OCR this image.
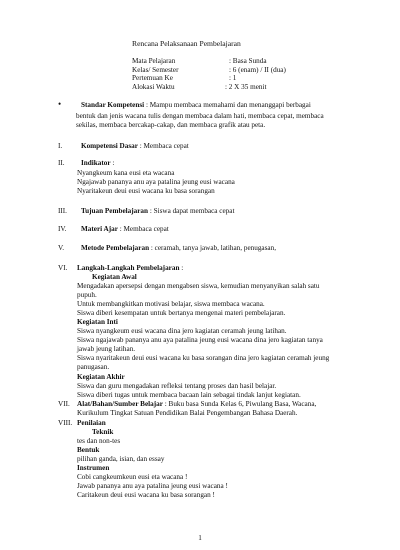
Rencana Pelaksanaan Pembelajaran
Mata Pelajaran	: Basa Sunda
Kelas/ Semester	: 6 (enam) / II (dua)
Pertemuan Ke	: 1
Alokasi Waktu	: 2 X 35 menit
•	Standar Kompetensi : Mampu membaca memahami dan menanggapi berbagai
bentuk dan jenis wacana tulis dengan membaca dalam hati, membaca cepat, membaca
sekilas, membaca bercakap-cakap, dan membaca grafik atau peta.
I.	Kompetensi Dasar : Membaca cepat
II. Indikator :
Nyangkeum kana eusi eta wacana
Ngajawab pananya anu aya patalina jeung eusi wacana
Nyaritakeun deui eusi wacana ku basa sorangan
III. Tujuan Pembelajaran : Siswa dapat membaca cepat
IV. Materi Ajar : Membaca cepat
V. Metode Pembelajaran : ceramah, tanya jawab, latihan, penugasan,
VI. Langkah-Langkah Pembelajaran :
Kegiatan Awal
Mengadakan apersepsi dengan mengabsen siswa, kemudian menyanyikan salah satu
pupuh.
Untuk membangkitkan motivasi belajar, siswa membaca wacana.
Siswa diberi kesempatan untuk bertanya mengenai materi pembelajaran.
Kegiatan Inti
Siswa nyangkeum eusi wacana dina jero kagiatan ceramah jeung latihan.
Siswa ngajawab pananya anu aya patalina jeung eusi wacana dina jero kagiatan tanya
jawab jeung latihan.
Siswa nyaritakeun deui eusi wacana ku basa sorangan dina jero kagiatan ceramah jeung
panugasan.
Kegiatan Akhir
Siswa dan guru mengadakan refleksi tentang proses dan hasil belajar.
Siswa diberi tugas untuk membaca bacaan lain sebagai tindak lanjut kegiatan.
VII. Alat/Bahan/Sumber Belajar : Buku basa Sunda Kelas 6, Piwulang Basa, Wacana,
Kurikulum Tingkat Satuan Pendidikan Balai Pengembangan Bahasa Daerah.
VIII. Penilaian
Teknik
tes dan non-tes
Bentuk
pilihan ganda, isian, dan essay
Instrumen
Cobi cangkeumkeun eusi eta wacana !
Jawab pananya anu aya patalina jeung eusi wacana !
Caritakeun deui eusi wacana ku basa sorangan !
1
